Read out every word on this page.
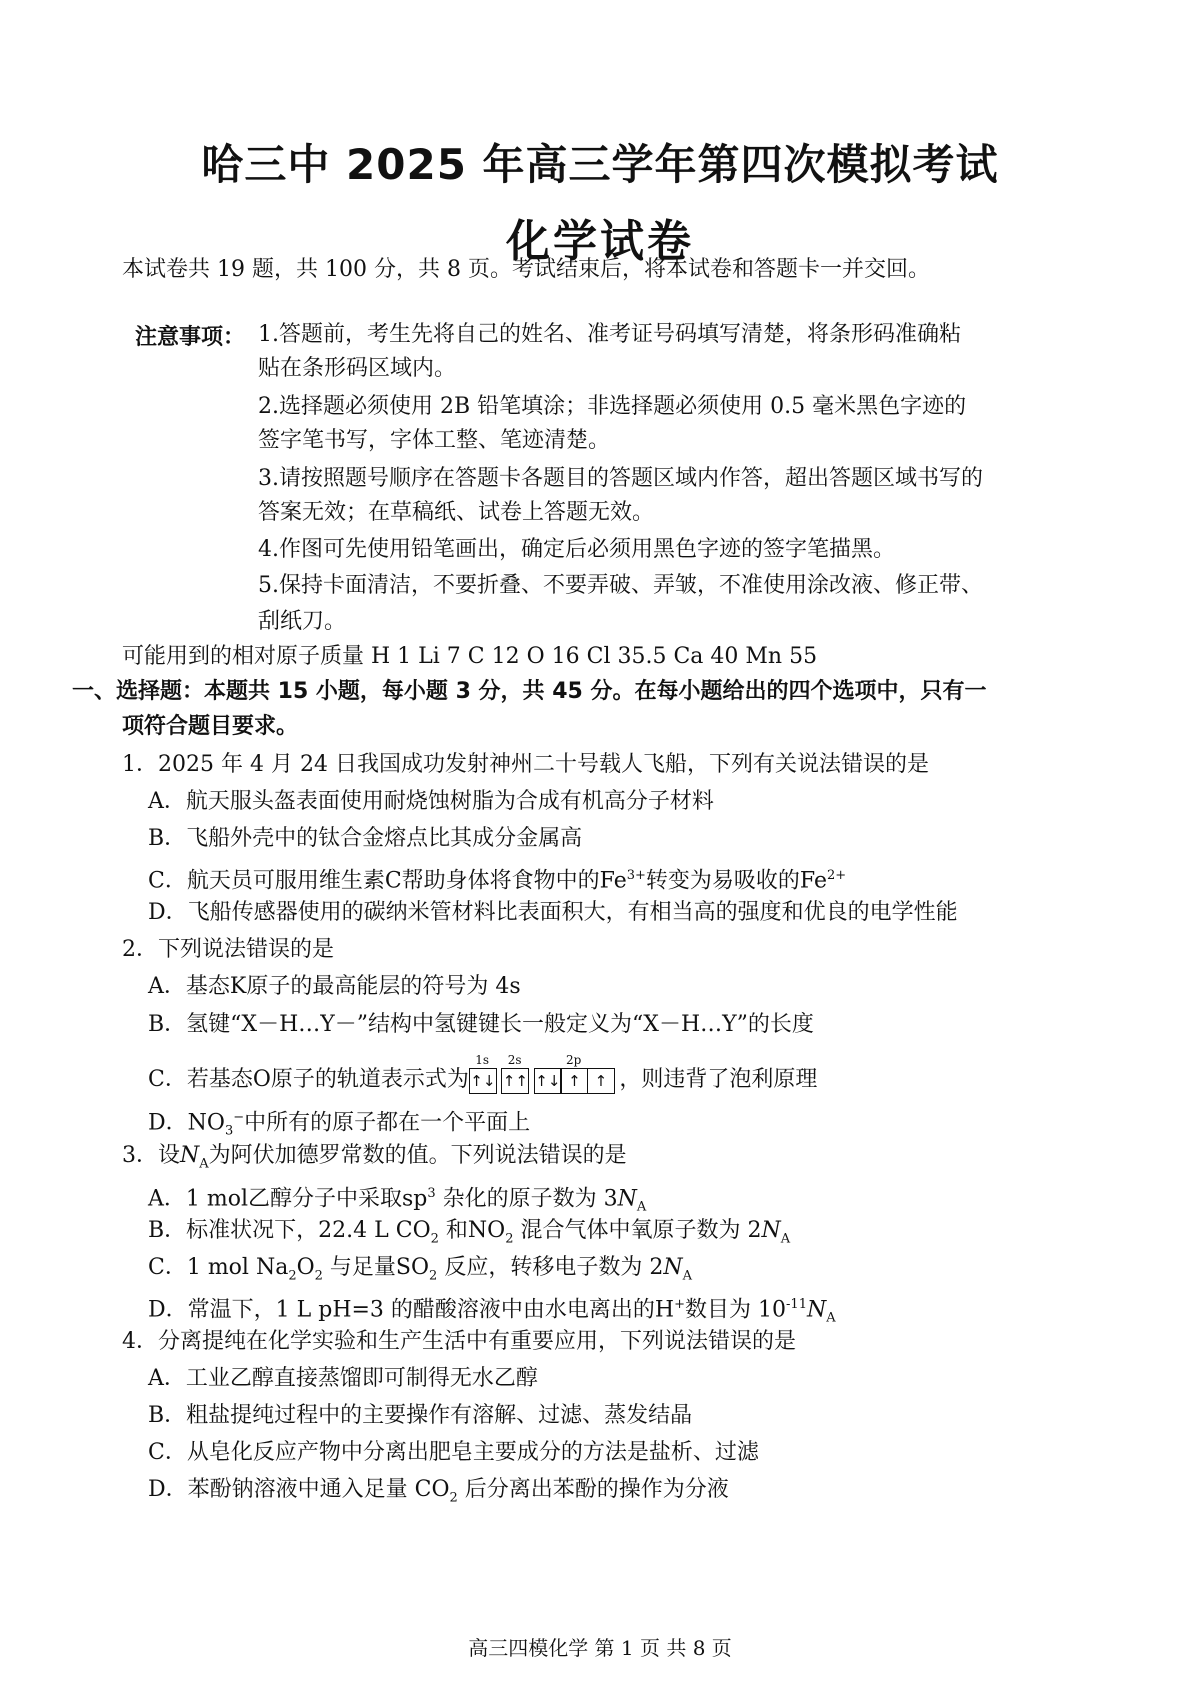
哈三中 2025 年高三学年第四次模拟考试
化学试卷
本试卷共 19 题，共 100 分，共 8 页。考试结束后，将本试卷和答题卡一并交回。
注意事项： 1.答题前，考生先将自己的姓名、准考证号码填写清楚，将条形码准确粘
贴在条形码区域内。
2.选择题必须使用 2B 铅笔填涂；非选择题必须使用 0.5 毫米黑色字迹的
签字笔书写，字体工整、笔迹清楚。
3.请按照题号顺序在答题卡各题目的答题区域内作答，超出答题区域书写的
答案无效；在草稿纸、试卷上答题无效。
4.作图可先使用铅笔画出，确定后必须用黑色字迹的签字笔描黑。
5.保持卡面清洁，不要折叠、不要弄破、弄皱，不准使用涂改液、修正带、
刮纸刀。
可能用到的相对原子质量 H 1 Li 7 C 12 O 16 Cl 35.5 Ca 40 Mn 55
一、选择题：本题共 15 小题，每小题 3 分，共 45 分。在每小题给出的四个选项中，只有一
项符合题目要求。
1．2025 年 4 月 24 日我国成功发射神州二十号载人飞船，下列有关说法错误的是
A．航天服头盔表面使用耐烧蚀树脂为合成有机高分子材料
B．飞船外壳中的钛合金熔点比其成分金属高
C．航天员可服用维生素C帮助身体将食物中的$Fe^{3+}$转变为易吸收的$Fe^{2+}$
D．飞船传感器使用的碳纳米管材料比表面积大，有相当高的强度和优良的电学性能
2．下列说法错误的是
A．基态K原子的最高能层的符号为 4s
B．氢键“X－H…Y－”结构中氢键键长一般定义为“X－H…Y”的长度
C．若基态O原子的轨道表示式为
1s
↑↓
2s
↑↑
2p
↑↓ ↑ ↑ ，则违背了泡利原理
D．$NO_3^-$中所有的原子都在一个平面上
3．设$N_A$为阿伏加德罗常数的值。下列说法错误的是
A．1 mol乙醇分子中采取$sp^3$ 杂化的原子数为 $3N_A$
B．标准状况下，22.4 L $CO_2$ 和$NO_2$ 混合气体中氧原子数为 $2N_A$
C．1 mol $Na_2O_2$ 与足量$SO_2$ 反应，转移电子数为 $2N_A$
D．常温下，1 L pH=3 的醋酸溶液中由水电离出的H+数目为 $10^{-11}N_A$
4．分离提纯在化学实验和生产生活中有重要应用，下列说法错误的是
A．工业乙醇直接蒸馏即可制得无水乙醇
B．粗盐提纯过程中的主要操作有溶解、过滤、蒸发结晶
C．从皂化反应产物中分离出肥皂主要成分的方法是盐析、过滤
D．苯酚钠溶液中通入足量 $CO_2$ 后分离出苯酚的操作为分液
高三四模化学 第 1 页 共 8 页
